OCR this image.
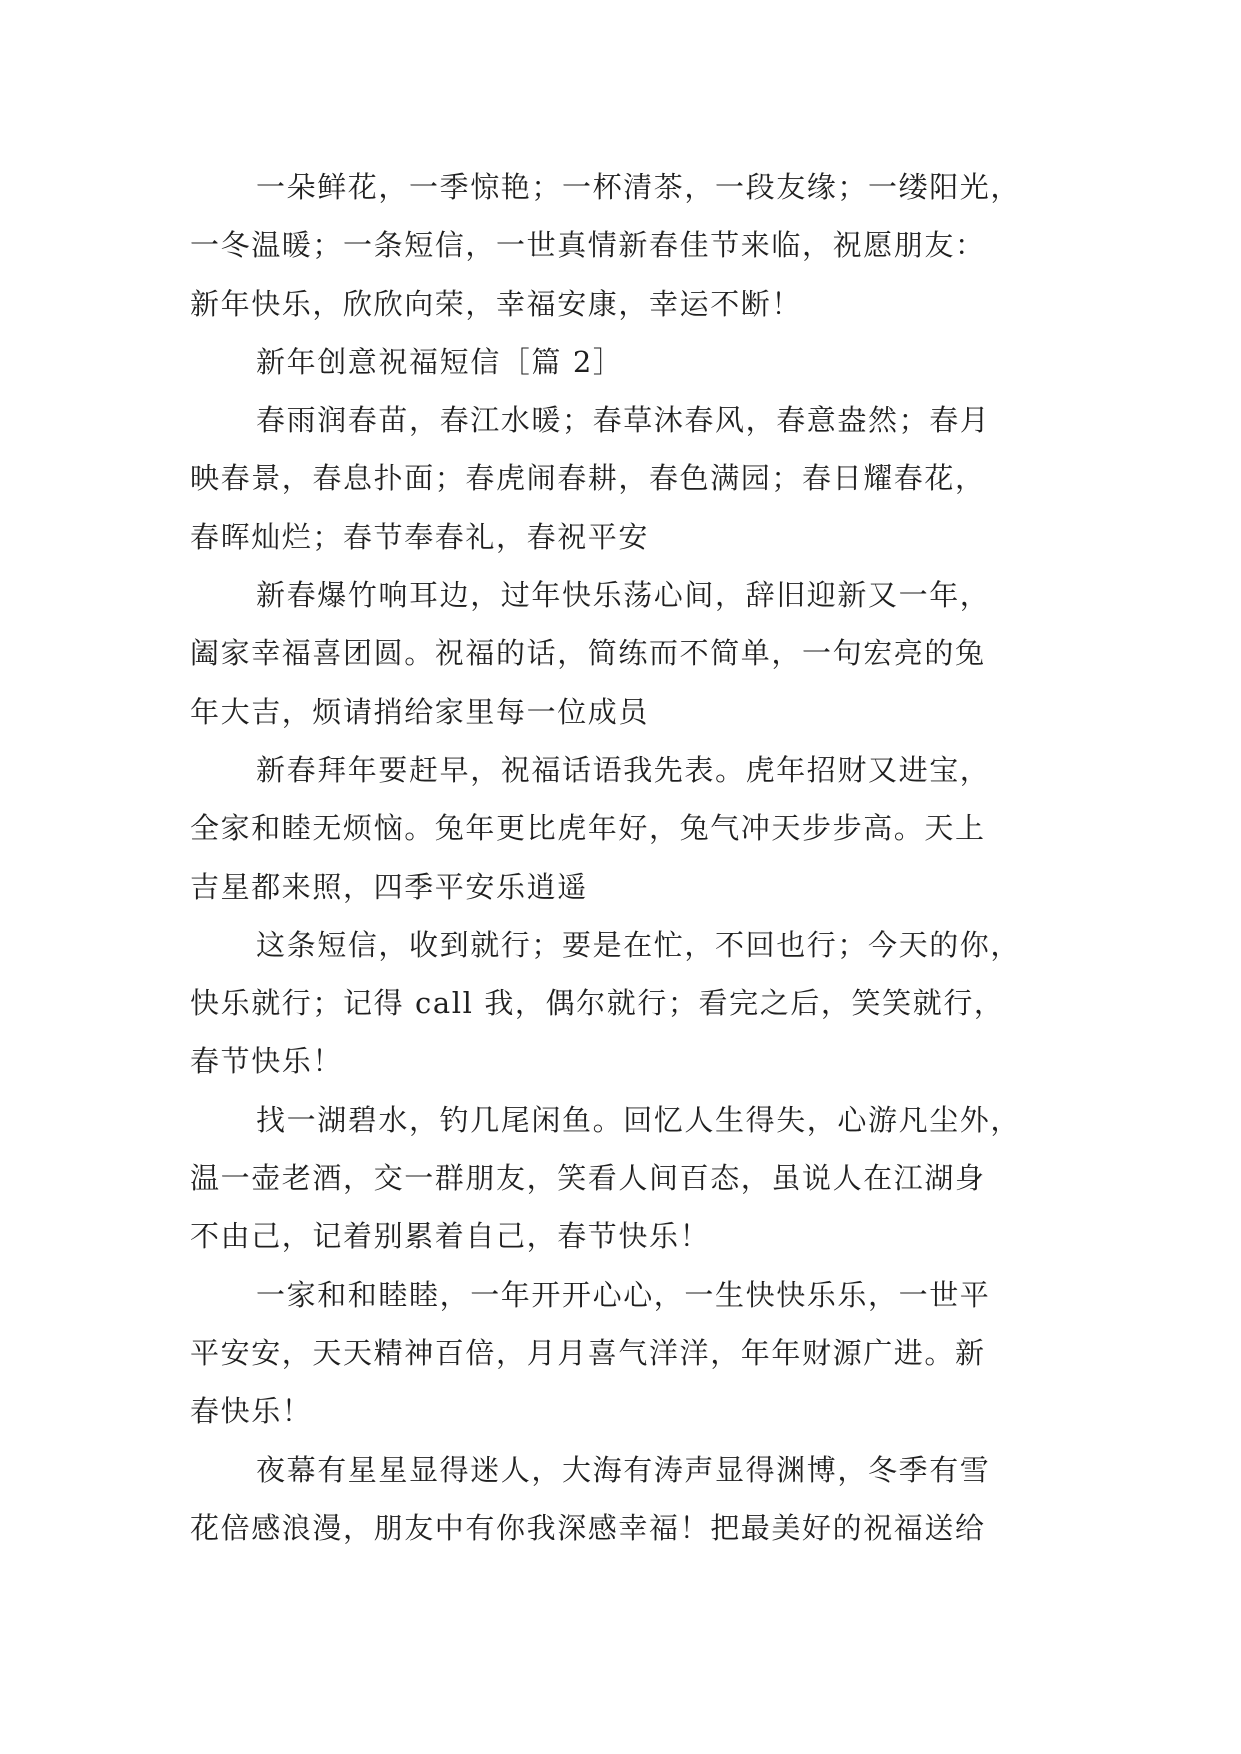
一朵鲜花，一季惊艳；一杯清茶，一段友缘；一缕阳光，
一冬温暖；一条短信，一世真情新春佳节来临，祝愿朋友：
新年快乐，欣欣向荣，幸福安康，幸运不断！
新年创意祝福短信［篇 2］
春雨润春苗，春江水暖；春草沐春风，春意盎然；春月
映春景，春息扑面；春虎闹春耕，春色满园；春日耀春花，
春晖灿烂；春节奉春礼，春祝平安
新春爆竹响耳边，过年快乐荡心间，辞旧迎新又一年，
阖家幸福喜团圆。祝福的话，简练而不简单，一句宏亮的兔
年大吉，烦请捎给家里每一位成员
新春拜年要赶早，祝福话语我先表。虎年招财又进宝，
全家和睦无烦恼。兔年更比虎年好，兔气冲天步步高。天上
吉星都来照，四季平安乐逍遥
这条短信，收到就行；要是在忙，不回也行；今天的你，
快乐就行；记得 call 我，偶尔就行；看完之后，笑笑就行，
春节快乐！
找一湖碧水，钓几尾闲鱼。回忆人生得失，心游凡尘外，
温一壶老酒，交一群朋友，笑看人间百态，虽说人在江湖身
不由己，记着别累着自己，春节快乐！
一家和和睦睦，一年开开心心，一生快快乐乐，一世平
平安安，天天精神百倍，月月喜气洋洋，年年财源广进。新
春快乐！
夜幕有星星显得迷人，大海有涛声显得渊博，冬季有雪
花倍感浪漫，朋友中有你我深感幸福！把最美好的祝福送给
